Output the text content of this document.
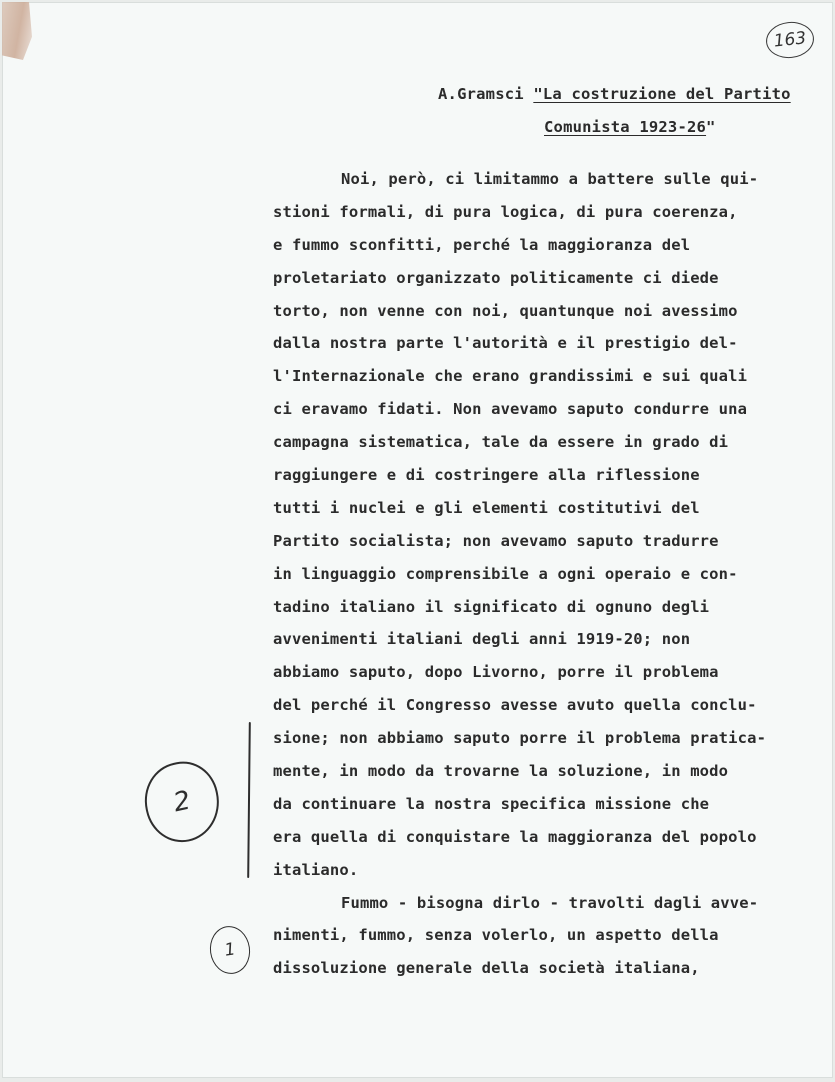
163
A.Gramsci "La costruzione del Partito
Comunista 1923-26"
Noi, però, ci limitammo a battere sulle qui-
stioni formali, di pura logica, di pura coerenza,
e fummo sconfitti, perché la maggioranza del
proletariato organizzato politicamente ci diede
torto, non venne con noi, quantunque noi avessimo
dalla nostra parte l'autorità e il prestigio del-
l'Internazionale che erano grandissimi e sui quali
ci eravamo fidati. Non avevamo saputo condurre una
campagna sistematica, tale da essere in grado di
raggiungere e di costringere alla riflessione
tutti i nuclei e gli elementi costitutivi del
Partito socialista; non avevamo saputo tradurre
in linguaggio comprensibile a ogni operaio e con-
tadino italiano il significato di ognuno degli
avvenimenti italiani degli anni 1919-20; non
abbiamo saputo, dopo Livorno, porre il problema
del perché il Congresso avesse avuto quella conclu-
sione; non abbiamo saputo porre il problema pratica-
mente, in modo da trovarne la soluzione, in modo
da continuare la nostra specifica missione che
era quella di conquistare la maggioranza del popolo
italiano.
Fummo - bisogna dirlo - travolti dagli avve-
nimenti, fummo, senza volerlo, un aspetto della
dissoluzione generale della società italiana,
2
1
